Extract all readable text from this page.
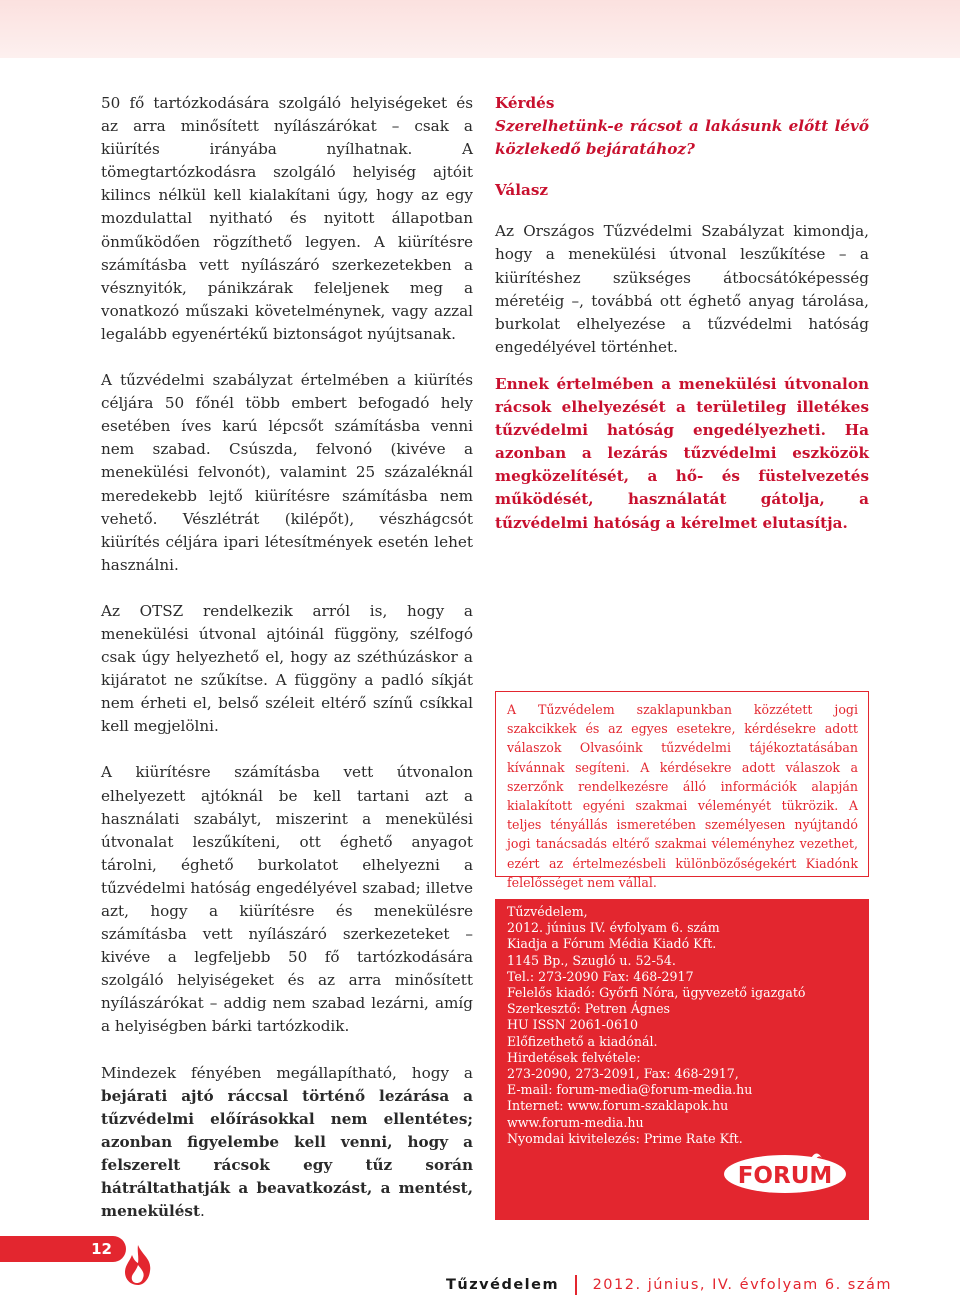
50 fő tartózkodására szolgáló helyiségeket és az arra minősített nyílászárókat – csak a kiürítés irányába nyílhatnak. A tömegtartózkodásra szolgáló helyiség ajtóit kilincs nélkül kell kialakítani úgy, hogy az egy mozdulattal nyitható és nyitott állapotban önműködően rögzíthető legyen. A kiürítésre számításba vett nyílászáró szerkezetekben a vésznyitók, pánikzárak feleljenek meg a vonatkozó műszaki követelménynek, vagy azzal legalább egyenértékű biztonságot nyújtsanak.

A tűzvédelmi szabályzat értelmében a kiürítés céljára 50 főnél több embert befogadó hely esetében íves karú lépcsőt számításba venni nem szabad. Csúszda, felvonó (kivéve a menekülési felvonót), valamint 25 százaléknál meredekebb lejtő kiürítésre számításba nem vehető. Vészlétrát (kilépőt), vészhágcsót kiürítés céljára ipari létesítmények esetén lehet használni.

Az OTSZ rendelkezik arról is, hogy a menekülési útvonal ajtóinál függöny, szélfogó csak úgy helyezhető el, hogy az széthúzáskor a kijáratot ne szűkítse. A függöny a padló síkját nem érheti el, belső széleit eltérő színű csíkkal kell megjelölni.

A kiürítésre számításba vett útvonalon elhelyezett ajtóknál be kell tartani azt a használati szabályt, miszerint a menekülési útvonalat leszűkíteni, ott éghető anyagot tárolni, éghető burkolatot elhelyezni a tűzvédelmi hatóság engedélyével szabad; illetve azt, hogy a kiürítésre és menekülésre számításba vett nyílászáró szerkezeteket – kivéve a legfeljebb 50 fő tartózkodására szolgáló helyiségeket és az arra minősített nyílászárókat – addig nem szabad lezárni, amíg a helyiségben bárki tartózkodik.

Mindezek fényében megállapítható, hogy a bejárati ajtó ráccsal történő lezárása a tűzvédelmi előírásokkal nem ellentétes; azonban figyelembe kell venni, hogy a felszerelt rácsok egy tűz során hátráltathatják a beavatkozást, a mentést, menekülést.

Kérdés
Szerelhetünk-e rácsot a lakásunk előtt lévő közlekedő bejáratához?
Válasz

Az Országos Tűzvédelmi Szabályzat kimondja, hogy a menekülési útvonal leszűkítése – a kiürítéshez szükséges átbocsátóképesség méretéig –, továbbá ott éghető anyag tárolása, burkolat elhelyezése a tűzvédelmi hatóság engedélyével történhet.

Ennek értelmében a menekülési útvonalon rácsok elhelyezését a területileg illetékes tűzvédelmi hatóság engedélyezheti. Ha azonban a lezárás tűzvédelmi eszközök megközelítését, a hő- és füstelvezetés működését, használatát gátolja, a tűzvédelmi hatóság a kérelmet elutasítja.

A Tűzvédelem szaklapunkban közzétett jogi szakcikkek és az egyes esetekre, kérdésekre adott válaszok Olvasóink tűzvédelmi tájékoztatásában kívánnak segíteni. A kérdésekre adott válaszok a szerzőnk rendelkezésre álló információk alapján kialakított egyéni szakmai véleményét tükrözik. A teljes tényállás ismeretében személyesen nyújtandó jogi tanácsadás eltérő szakmai véleményhez vezethet, ezért az értelmezésbeli különbözőségekért Kiadónk felelősséget nem vállal.
Tűzvédelem,
2012. június IV. évfolyam 6. szám
Kiadja a Fórum Média Kiadó Kft.
1145 Bp., Szugló u. 52-54.
Tel.: 273-2090 Fax: 468-2917
Felelős kiadó: Győrfi Nóra, ügyvezető igazgató
Szerkesztő: Petren Ágnes
HU ISSN 2061-0610
Előfizethető a kiadónál.
Hirdetések felvétele:
273-2090, 273-2091, Fax: 468-2917,
E-mail: forum-media@forum-media.hu
Internet: www.forum-szaklapok.hu
www.forum-media.hu
Nyomdai kivitelezés: Prime Rate Kft.
FORUM
12
Tűzvédelem 2012. június, IV. évfolyam 6. szám
